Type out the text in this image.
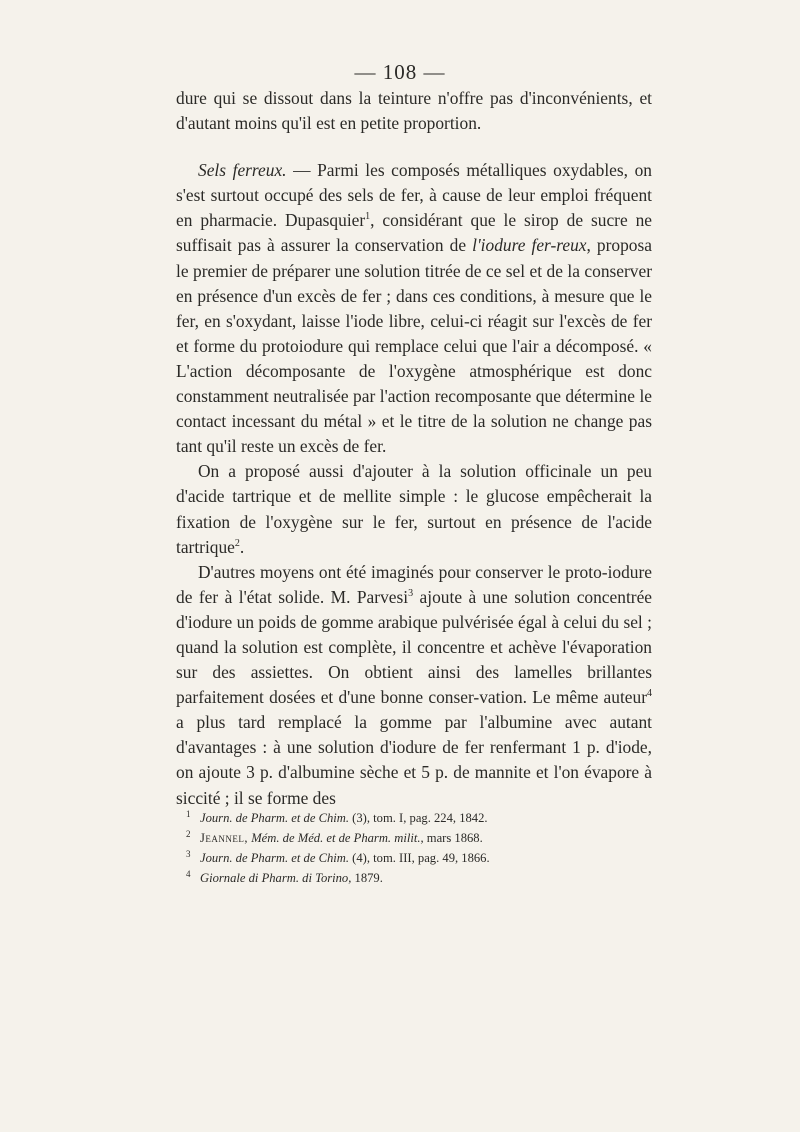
— 108 —

dure qui se dissout dans la teinture n'offre pas d'inconvénients, et d'autant moins qu'il est en petite proportion.

Sels ferreux. — Parmi les composés métalliques oxydables, on s'est surtout occupé des sels de fer, à cause de leur emploi fréquent en pharmacie. Dupasquier$^1$, considérant que le sirop de sucre ne suffisait pas à assurer la conservation de l'iodure fer-reux, proposa le premier de préparer une solution titrée de ce sel et de la conserver en présence d'un excès de fer ; dans ces conditions, à mesure que le fer, en s'oxydant, laisse l'iode libre, celui-ci réagit sur l'excès de fer et forme du protoiodure qui remplace celui que l'air a décomposé. « L'action décomposante de l'oxygène atmosphérique est donc constamment neutralisée par l'action recomposante que détermine le contact incessant du métal » et le titre de la solution ne change pas tant qu'il reste un excès de fer.

On a proposé aussi d'ajouter à la solution officinale un peu d'acide tartrique et de mellite simple : le glucose empêcherait la fixation de l'oxygène sur le fer, surtout en présence de l'acide tartrique$^2$.

D'autres moyens ont été imaginés pour conserver le proto-iodure de fer à l'état solide. M. Parvesi$^3$ ajoute à une solution concentrée d'iodure un poids de gomme arabique pulvérisée égal à celui du sel ; quand la solution est complète, il concentre et achève l'évaporation sur des assiettes. On obtient ainsi des lamelles brillantes parfaitement dosées et d'une bonne conser-vation. Le même auteur$^4$ a plus tard remplacé la gomme par l'albumine avec autant d'avantages : à une solution d'iodure de fer renfermant 1 p. d'iode, on ajoute 3 p. d'albumine sèche et 5 p. de mannite et l'on évapore à siccité ; il se forme des

1 Journ. de Pharm. et de Chim. (3), tom. I, pag. 224, 1842.
2 Jeannel, Mém. de Méd. et de Pharm. milit., mars 1868.
3 Journ. de Pharm. et de Chim. (4), tom. III, pag. 49, 1866.
4 Giornale di Pharm. di Torino, 1879.
